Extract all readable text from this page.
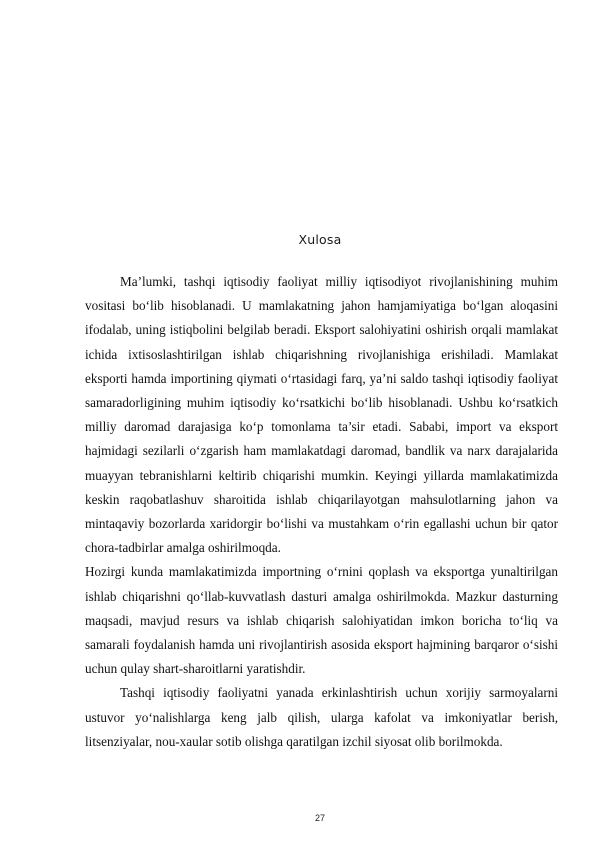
Xulosa

Ma’lumki, tashqi iqtisodiy faoliyat milliy iqtisodiyot rivojlanishining muhim vositasi bo‘lib hisoblanadi. U mamlakatning jahon hamjamiyatiga bo‘lgan aloqasini ifodalab, uning istiqbolini belgilab beradi. Eksport salohiyatini oshirish orqali mamlakat ichida ixtisoslashtirilgan ishlab chiqarishning rivojlanishiga erishiladi. Mamlakat eksporti hamda importining qiymati o‘rtasidagi farq, ya’ni saldo tashqi iqtisodiy faoliyat samaradorligining muhim iqtisodiy ko‘rsatkichi bo‘lib hisoblanadi. Ushbu ko‘rsatkich milliy daromad darajasiga ko‘p tomonlama ta’sir etadi. Sababi, import va eksport hajmidagi sezilarli o‘zgarish ham mamlakatdagi daromad, bandlik va narx darajalarida muayyan tebranishlarni keltirib chiqarishi mumkin. Keyingi yillarda mamlakatimizda keskin raqobatlashuv sharoitida ishlab chiqarilayotgan mahsulotlarning jahon va mintaqaviy bozorlarda xaridorgir bo‘lishi va mustahkam o‘rin egallashi uchun bir qator chora-tadbirlar amalga oshirilmoqda.

Hozirgi kunda mamlakatimizda importning o‘rnini qoplash va eksportga yunaltirilgan ishlab chiqarishni qo‘llab-kuvvatlash dasturi amalga oshirilmokda. Mazkur dasturning maqsadi, mavjud resurs va ishlab chiqarish salohiyatidan imkon boricha to‘liq va samarali foydalanish hamda uni rivojlantirish asosida eksport hajmining barqaror o‘sishi uchun qulay shart-sharoitlarni yaratishdir.

Tashqi iqtisodiy faoliyatni yanada erkinlashtirish uchun xorijiy sarmoyalarni ustuvor yo‘nalishlarga keng jalb qilish, ularga kafolat va imkoniyatlar berish, litsenziyalar, nou-xaular sotib olishga qaratilgan izchil siyosat olib borilmokda.

27
